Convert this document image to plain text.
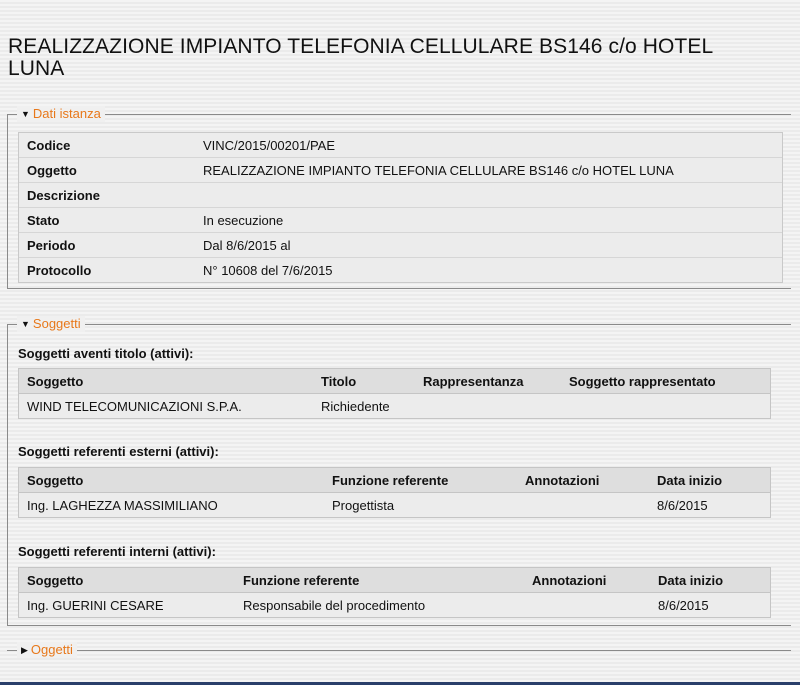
REALIZZAZIONE IMPIANTO TELEFONIA CELLULARE BS146 c/o HOTEL LUNA
▼ Dati istanza
Codice	VINC/2015/00201/PAE
Oggetto	REALIZZAZIONE IMPIANTO TELEFONIA CELLULARE BS146 c/o HOTEL LUNA
Descrizione	
Stato	In esecuzione
Periodo	Dal 8/6/2015 al
Protocollo	N° 10608 del 7/6/2015
▼ Soggetti
Soggetti aventi titolo (attivi):
Soggetto	Titolo	Rappresentanza	Soggetto rappresentato
WIND TELECOMUNICAZIONI S.P.A.	Richiedente		
Soggetti referenti esterni (attivi):
Soggetto	Funzione referente	Annotazioni	Data inizio
Ing. LAGHEZZA MASSIMILIANO	Progettista		8/6/2015
Soggetti referenti interni (attivi):
Soggetto	Funzione referente	Annotazioni	Data inizio
Ing. GUERINI CESARE	Responsabile del procedimento		8/6/2015
▶ Oggetti
